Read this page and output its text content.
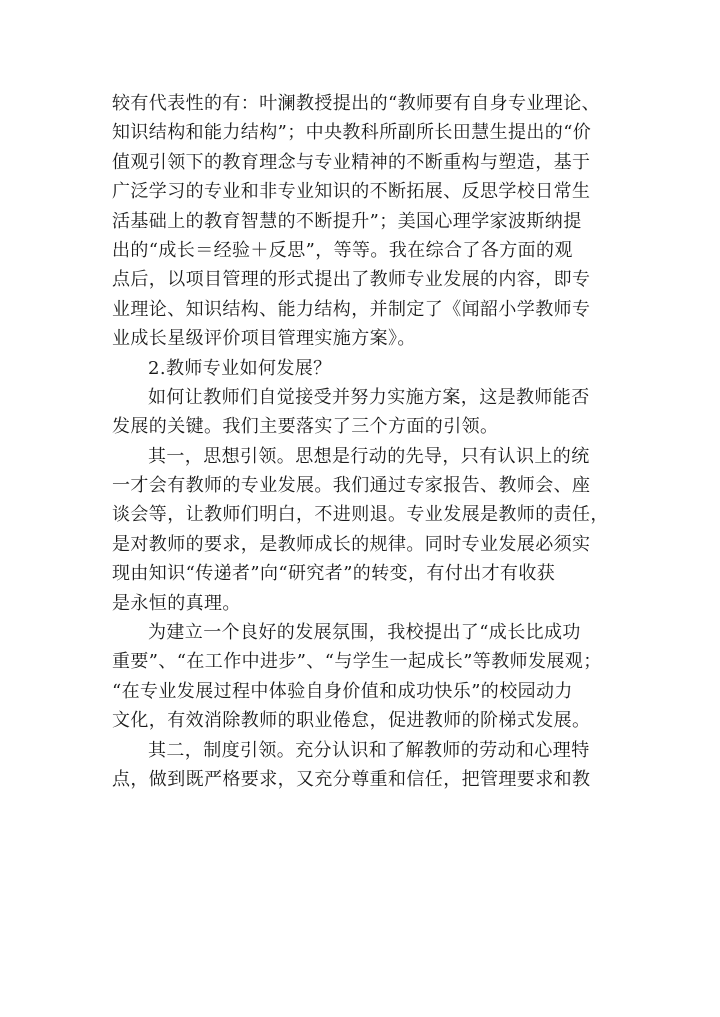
较有代表性的有：叶澜教授提出的“教师要有自身专业理论、
知识结构和能力结构”；中央教科所副所长田慧生提出的“价
值观引领下的教育理念与专业精神的不断重构与塑造，基于
广泛学习的专业和非专业知识的不断拓展、反思学校日常生
活基础上的教育智慧的不断提升”；美国心理学家波斯纳提
出的“成长＝经验＋反思”，等等。我在综合了各方面的观
点后，以项目管理的形式提出了教师专业发展的内容，即专
业理论、知识结构、能力结构，并制定了《闻韶小学教师专
业成长星级评价项目管理实施方案》。
2.教师专业如何发展？
如何让教师们自觉接受并努力实施方案，这是教师能否
发展的关键。我们主要落实了三个方面的引领。
其一，思想引领。思想是行动的先导，只有认识上的统
一才会有教师的专业发展。我们通过专家报告、教师会、座
谈会等，让教师们明白，不进则退。专业发展是教师的责任，
是对教师的要求，是教师成长的规律。同时专业发展必须实
现由知识“传递者”向“研究者”的转变，有付出才有收获
是永恒的真理。
为建立一个良好的发展氛围，我校提出了“成长比成功
重要”、“在工作中进步”、“与学生一起成长”等教师发展观；
“在专业发展过程中体验自身价值和成功快乐”的校园动力
文化，有效消除教师的职业倦怠，促进教师的阶梯式发展。
其二，制度引领。充分认识和了解教师的劳动和心理特
点，做到既严格要求，又充分尊重和信任，把管理要求和教
